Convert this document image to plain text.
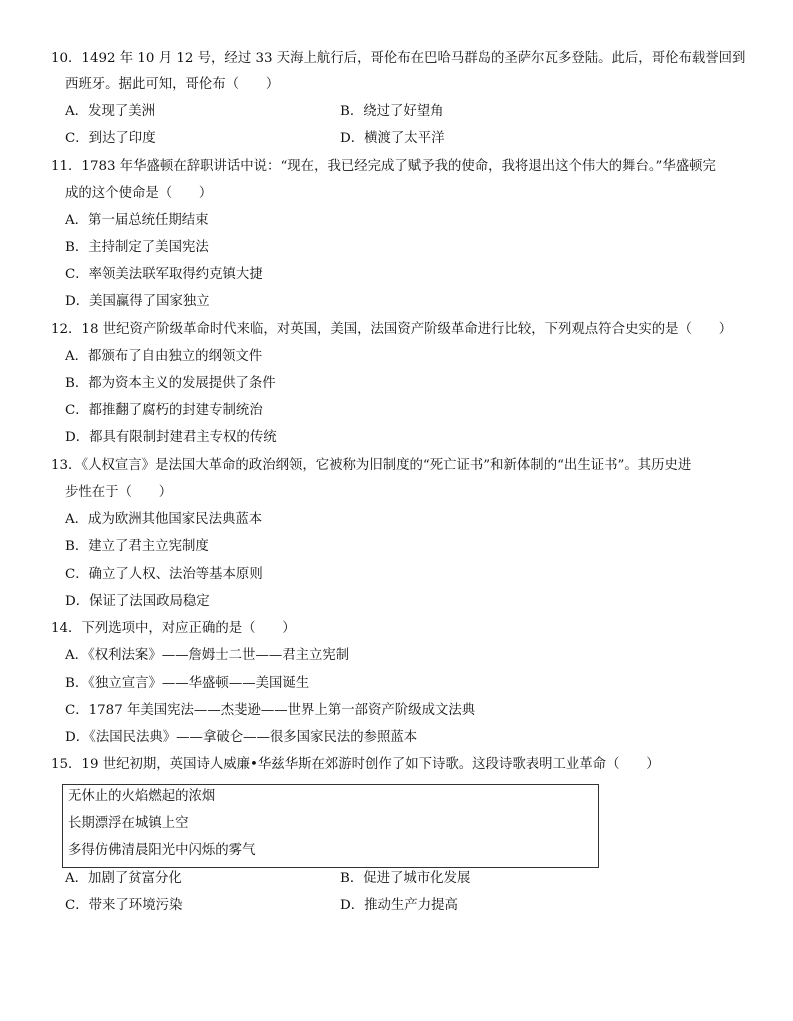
10．1492 年 10 月 12 号，经过 33 天海上航行后，哥伦布在巴哈马群岛的圣萨尔瓦多登陆。此后，哥伦布载誉回到
西班牙。据此可知，哥伦布（　　）
A．发现了美洲	B．绕过了好望角
C．到达了印度	D．横渡了太平洋
11．1783 年华盛顿在辞职讲话中说：“现在，我已经完成了赋予我的使命，我将退出这个伟大的舞台。”华盛顿完
成的这个使命是（　　）
A．第一届总统任期结束
B．主持制定了美国宪法
C．率领美法联军取得约克镇大捷
D．美国赢得了国家独立
12．18 世纪资产阶级革命时代来临，对英国，美国，法国资产阶级革命进行比较，下列观点符合史实的是（　　）
A．都颁布了自由独立的纲领文件
B．都为资本主义的发展提供了条件
C．都推翻了腐朽的封建专制统治
D．都具有限制封建君主专权的传统
13．《人权宣言》是法国大革命的政治纲领，它被称为旧制度的“死亡证书”和新体制的“出生证书”。其历史进
步性在于（　　）
A．成为欧洲其他国家民法典蓝本
B．建立了君主立宪制度
C．确立了人权、法治等基本原则
D．保证了法国政局稳定
14．下列选项中，对应正确的是（　　）
A．《权利法案》——詹姆士二世——君主立宪制
B．《独立宣言》——华盛顿——美国诞生
C．1787 年美国宪法——杰斐逊——世界上第一部资产阶级成文法典
D．《法国民法典》——拿破仑——很多国家民法的参照蓝本
15．19 世纪初期，英国诗人威廉•华兹华斯在郊游时创作了如下诗歌。这段诗歌表明工业革命（　　）
无休止的火焰燃起的浓烟
长期漂浮在城镇上空
多得仿佛清晨阳光中闪烁的雾气
A．加剧了贫富分化	B．促进了城市化发展
C．带来了环境污染	D．推动生产力提高
